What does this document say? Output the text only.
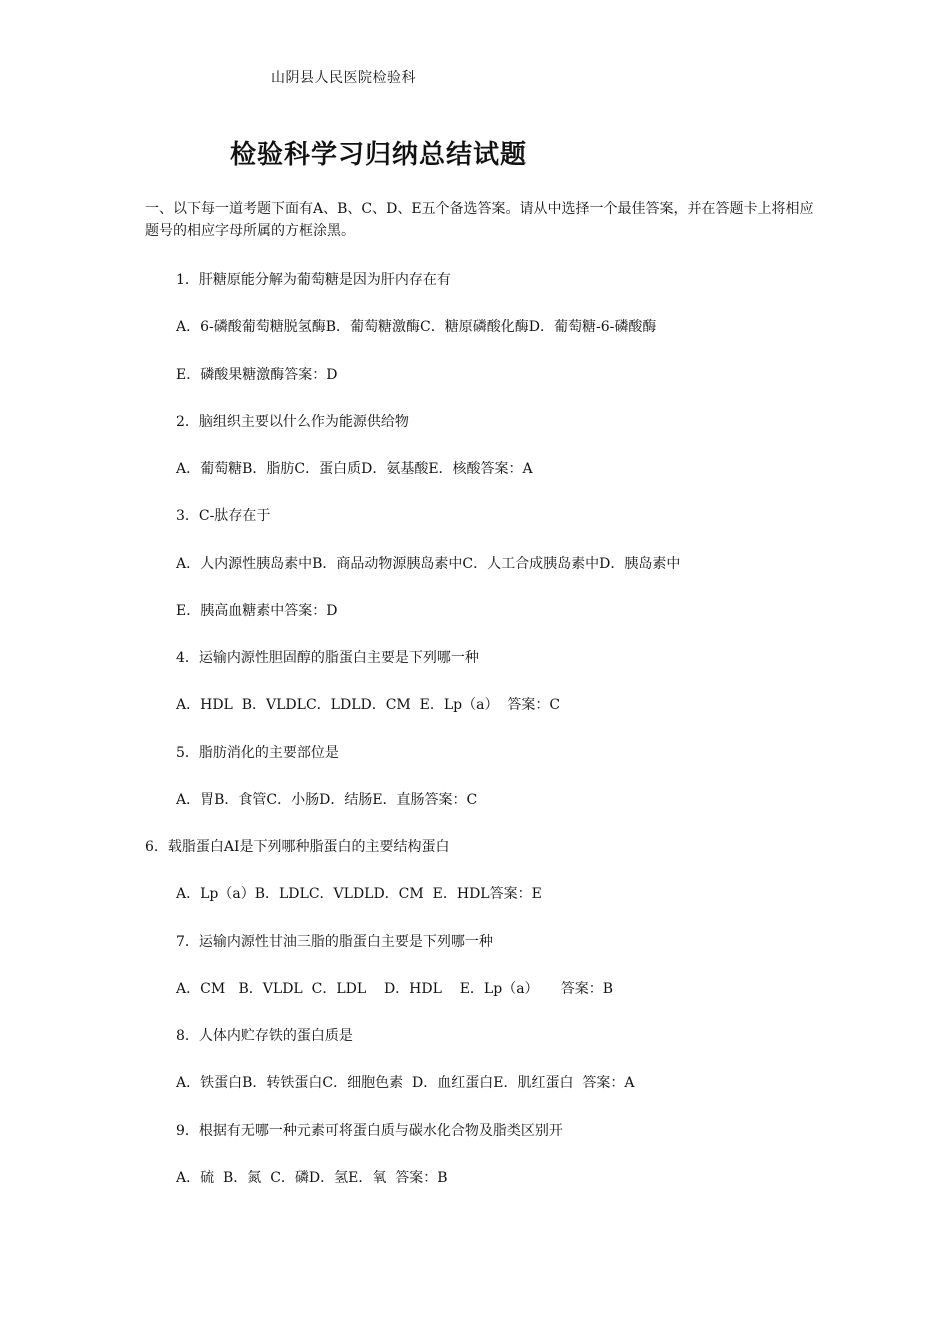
山阴县人民医院检验科
检验科学习归纳总结试题
一、以下每一道考题下面有A、B、C、D、E五个备选答案。请从中选择一个最佳答案，并在答题卡上将相应题号的相应字母所属的方框涂黑。
1．肝糖原能分解为葡萄糖是因为肝内存在有
A．6-磷酸葡萄糖脱氢酶B．葡萄糖激酶C．糖原磷酸化酶D．葡萄糖-6-磷酸酶
E．磷酸果糖激酶答案：D
2．脑组织主要以什么作为能源供给物
A．葡萄糖B．脂肪C．蛋白质D．氨基酸E．核酸答案：A
3．C-肽存在于
A．人内源性胰岛素中B．商品动物源胰岛素中C．人工合成胰岛素中D．胰岛素中
E．胰高血糖素中答案：D
4．运输内源性胆固醇的脂蛋白主要是下列哪一种
A．HDL  B．VLDLC．LDLD．CM  E．Lp（a）  答案：C
5．脂肪消化的主要部位是
A．胃B．食管C．小肠D．结肠E．直肠答案：C
6．载脂蛋白AI是下列哪种脂蛋白的主要结构蛋白
A．Lp（a）B．LDLC．VLDLD．CM  E．HDL答案：E
7．运输内源性甘油三脂的脂蛋白主要是下列哪一种
A．CM   B．VLDL  C．LDL    D．HDL    E．Lp（a）     答案：B
8．人体内贮存铁的蛋白质是
A．铁蛋白B．转铁蛋白C．细胞色素  D．血红蛋白E．肌红蛋白  答案：A
9．根据有无哪一种元素可将蛋白质与碳水化合物及脂类区别开
A．硫  B．氮  C．磷D．氢E．氧  答案：B
